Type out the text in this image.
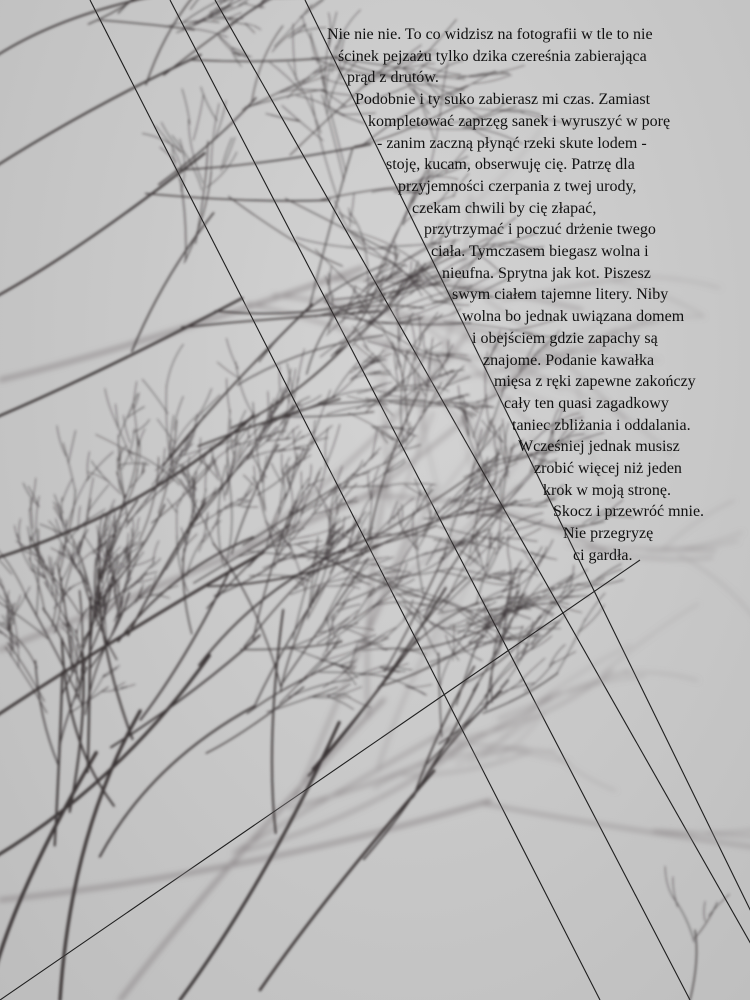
Nie nie nie. To co widzisz na fotografii w tle to nie
ścinek pejzażu tylko dzika czereśnia zabierająca
prąd z drutów.
Podobnie i ty suko zabierasz mi czas. Zamiast
kompletować zaprzęg sanek i wyruszyć w porę
- zanim zaczną płynąć rzeki skute lodem -
stoję, kucam, obserwuję cię. Patrzę dla
przyjemności czerpania z twej urody,
czekam chwili by cię złapać,
przytrzymać i poczuć drżenie twego
ciała. Tymczasem biegasz wolna i
nieufna. Sprytna jak kot. Piszesz
swym ciałem tajemne litery. Niby
wolna bo jednak uwiązana domem
i obejściem gdzie zapachy są
znajome. Podanie kawałka
mięsa z ręki zapewne zakończy
cały ten quasi zagadkowy
taniec zbliżania i oddalania.
Wcześniej jednak musisz
zrobić więcej niż jeden
krok w moją stronę.
Skocz i przewróć mnie.
Nie przegryzę
ci gardła.
